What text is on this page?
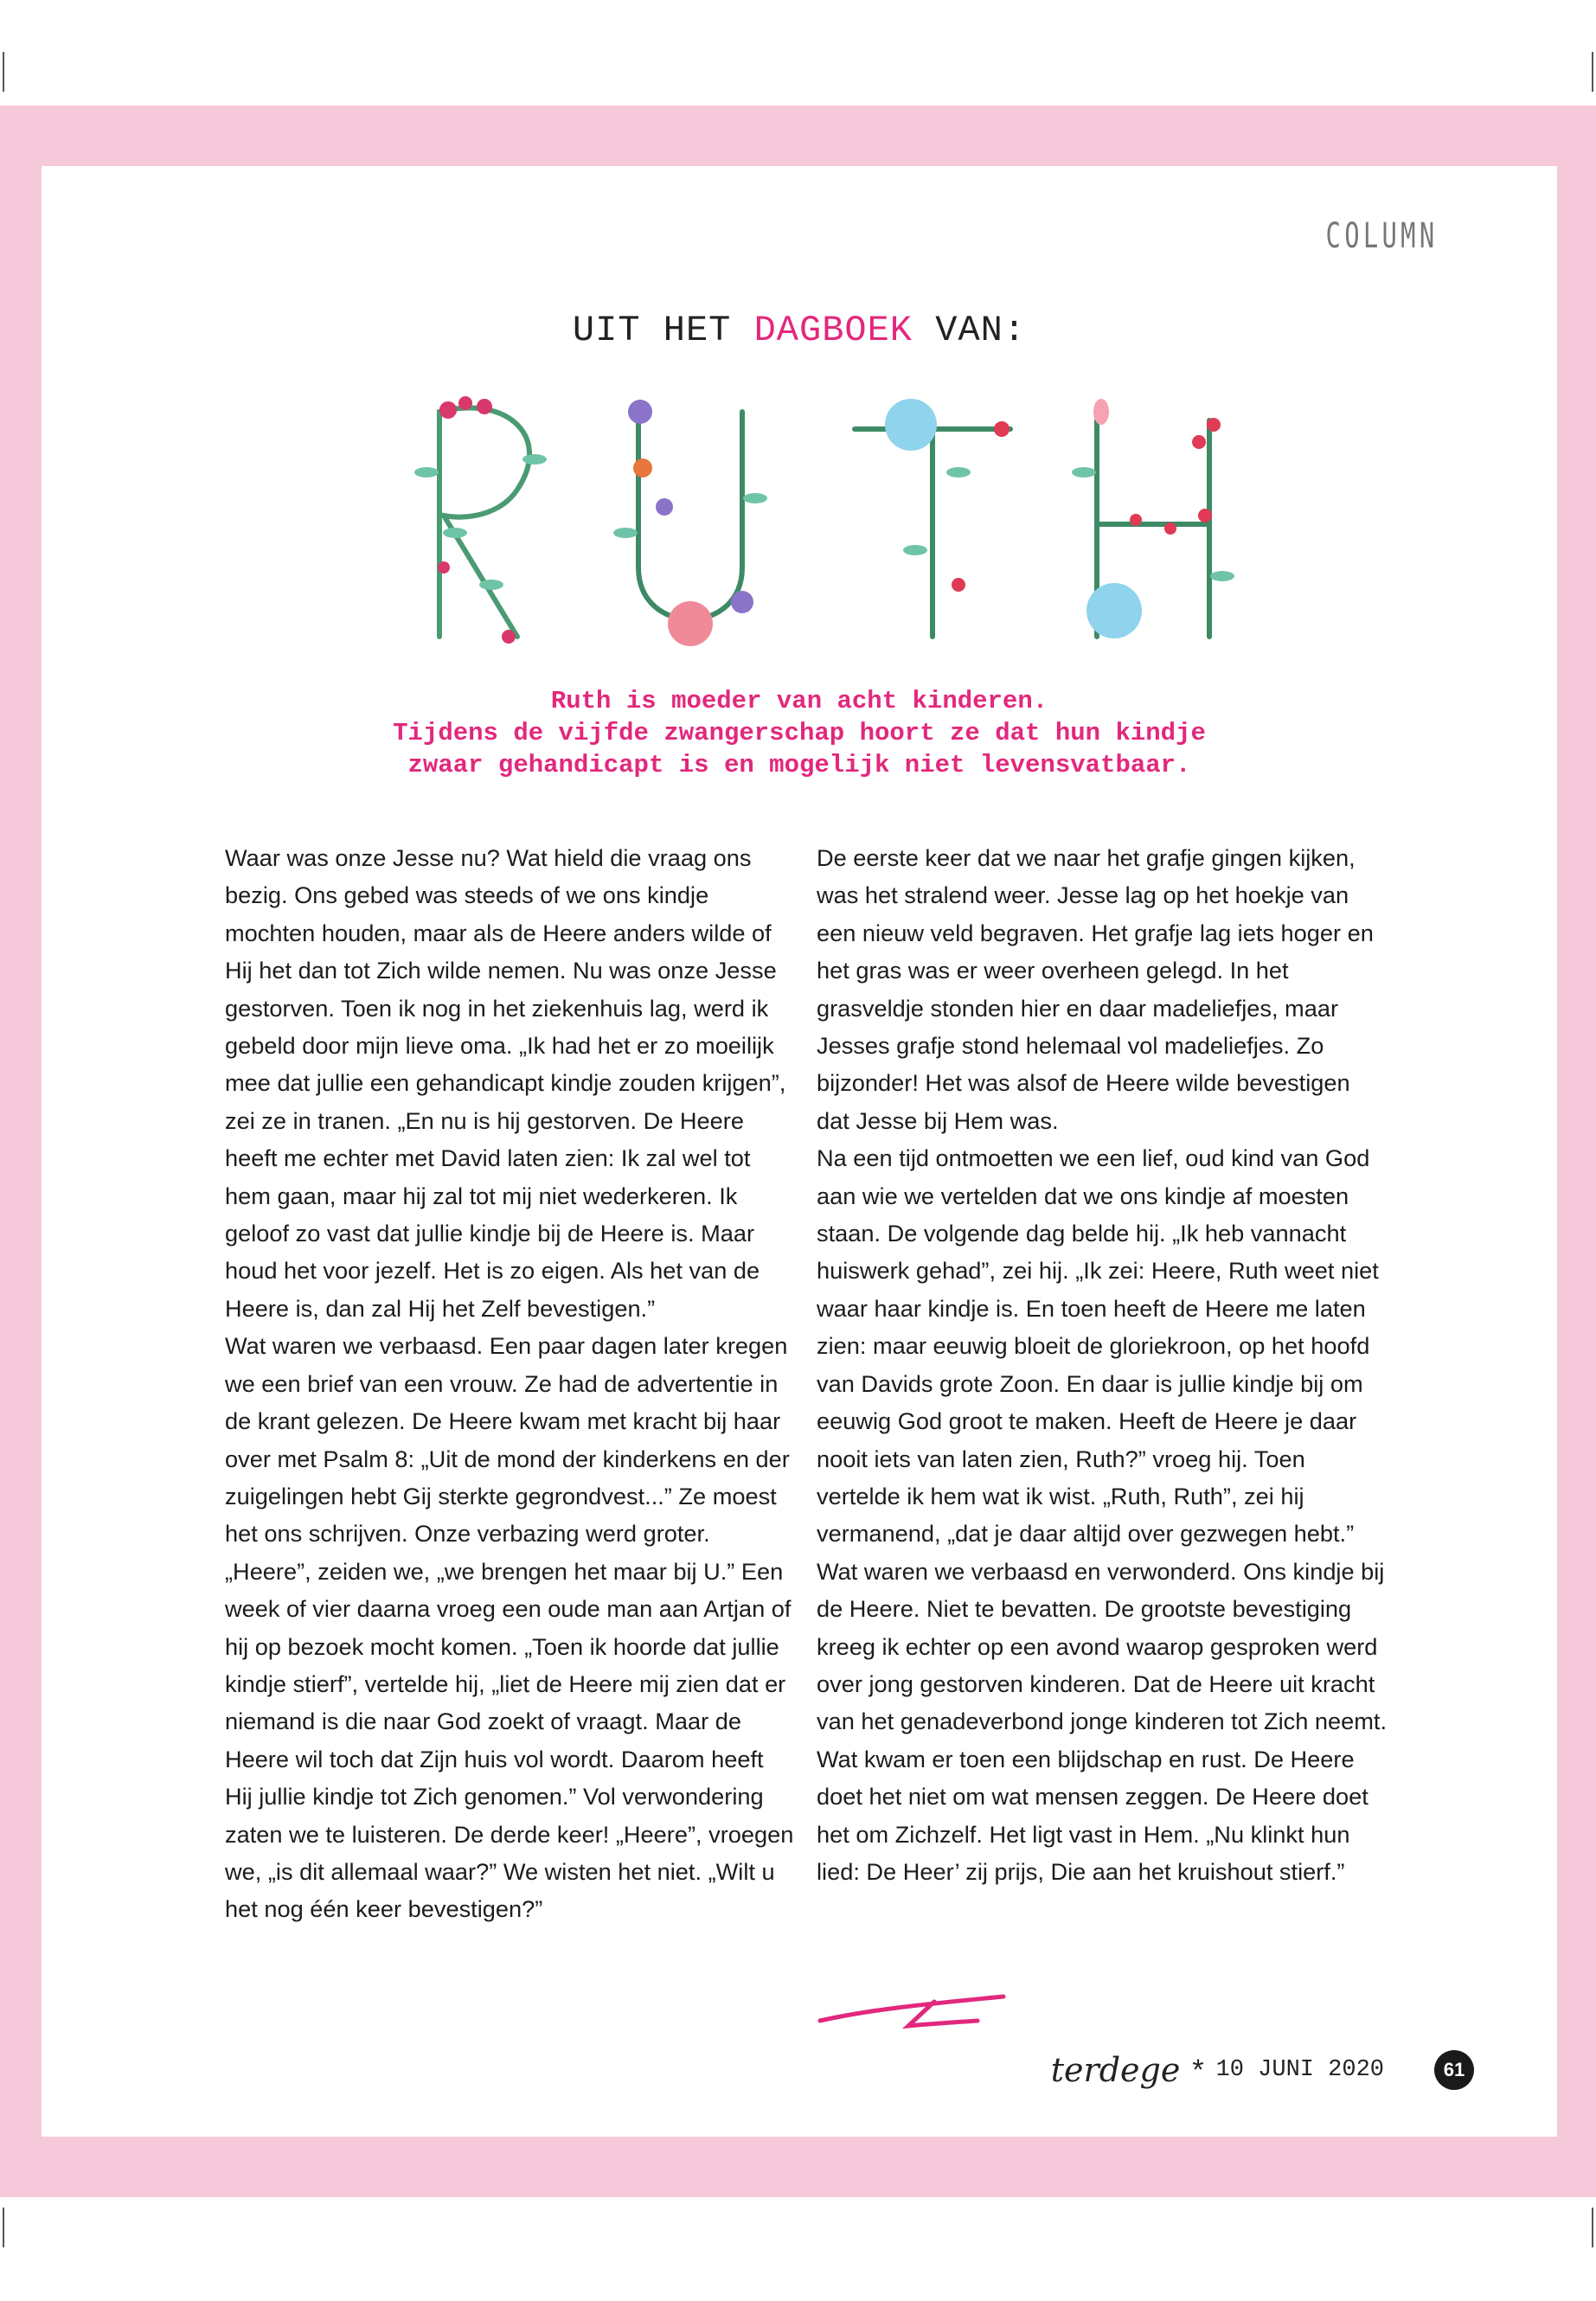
COLUMN
UIT HET DAGBOEK VAN:
Ruth is moeder van acht kinderen.
Tijdens de vijfde zwangerschap hoort ze dat hun kindje
zwaar gehandicapt is en mogelijk niet levensvatbaar.

Waar was onze Jesse nu? Wat hield die vraag ons bezig. Ons gebed was steeds of we ons kindje mochten houden, maar als de Heere anders wilde of Hij het dan tot Zich wilde nemen. Nu was onze Jesse gestorven. Toen ik nog in het ziekenhuis lag, werd ik gebeld door mijn lieve oma. „Ik had het er zo moeilijk mee dat jullie een gehandicapt kindje zouden krijgen”, zei ze in tranen. „En nu is hij gestorven. De Heere heeft me echter met David laten zien: Ik zal wel tot hem gaan, maar hij zal tot mij niet wederkeren. Ik geloof zo vast dat jullie kindje bij de Heere is. Maar houd het voor jezelf. Het is zo eigen. Als het van de Heere is, dan zal Hij het Zelf bevestigen.”

Wat waren we verbaasd. Een paar dagen later kregen we een brief van een vrouw. Ze had de advertentie in de krant gelezen. De Heere kwam met kracht bij haar over met Psalm 8: „Uit de mond der kinderkens en der zuigelingen hebt Gij sterkte gegrondvest...” Ze moest het ons schrijven. Onze verbazing werd groter. „Heere”, zeiden we, „we brengen het maar bij U.” Een week of vier daarna vroeg een oude man aan Artjan of hij op bezoek mocht komen. „Toen ik hoorde dat jullie kindje stierf”, vertelde hij, „liet de Heere mij zien dat er niemand is die naar God zoekt of vraagt. Maar de Heere wil toch dat Zijn huis vol wordt. Daarom heeft Hij jullie kindje tot Zich genomen.” Vol verwondering zaten we te luisteren. De derde keer! „Heere”, vroegen we, „is dit allemaal waar?” We wisten het niet. „Wilt u het nog één keer bevestigen?”

De eerste keer dat we naar het grafje gingen kijken, was het stralend weer. Jesse lag op het hoekje van een nieuw veld begraven. Het grafje lag iets hoger en het gras was er weer overheen gelegd. In het grasveldje stonden hier en daar madeliefjes, maar Jesses grafje stond helemaal vol madeliefjes. Zo bijzonder! Het was alsof de Heere wilde bevestigen dat Jesse bij Hem was.

Na een tijd ontmoetten we een lief, oud kind van God aan wie we vertelden dat we ons kindje af moesten staan. De volgende dag belde hij. „Ik heb vannacht huiswerk gehad”, zei hij. „Ik zei: Heere, Ruth weet niet waar haar kindje is. En toen heeft de Heere me laten zien: maar eeuwig bloeit de gloriekroon, op het hoofd van Davids grote Zoon. En daar is jullie kindje bij om eeuwig God groot te maken. Heeft de Heere je daar nooit iets van laten zien, Ruth?” vroeg hij. Toen vertelde ik hem wat ik wist. „Ruth, Ruth”, zei hij vermanend, „dat je daar altijd over gezwegen hebt.” Wat waren we verbaasd en verwonderd. Ons kindje bij de Heere. Niet te bevatten. De grootste bevestiging kreeg ik echter op een avond waarop gesproken werd over jong gestorven kinderen. Dat de Heere uit kracht van het genadeverbond jonge kinderen tot Zich neemt. Wat kwam er toen een blijdschap en rust. De Heere doet het niet om wat mensen zeggen. De Heere doet het om Zichzelf. Het ligt vast in Hem. „Nu klinkt hun lied: De Heer’ zij prijs, Die aan het kruishout stierf.”

terdege * 10 JUNI 2020	61
